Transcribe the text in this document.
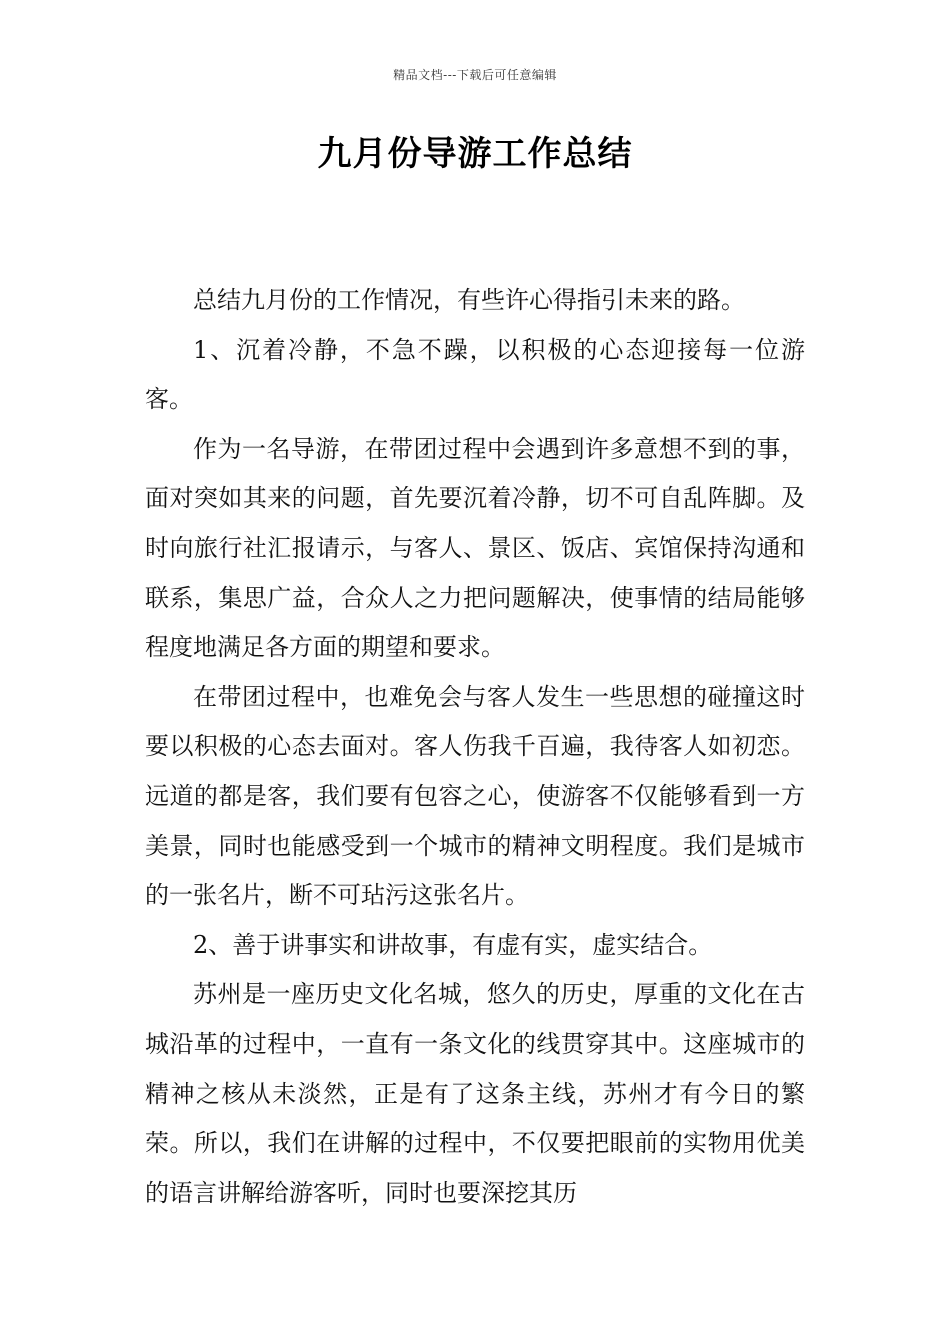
精品文档---下载后可任意编辑
九月份导游工作总结

总结九月份的工作情况，有些许心得指引未来的路。

1、沉着冷静，不急不躁，以积极的心态迎接每一位游客。

作为一名导游，在带团过程中会遇到许多意想不到的事，面对突如其来的问题，首先要沉着冷静，切不可自乱阵脚。及时向旅行社汇报请示，与客人、景区、饭店、宾馆保持沟通和联系，集思广益，合众人之力把问题解决，使事情的结局能够程度地满足各方面的期望和要求。

在带团过程中，也难免会与客人发生一些思想的碰撞这时要以积极的心态去面对。客人伤我千百遍，我待客人如初恋。远道的都是客，我们要有包容之心，使游客不仅能够看到一方美景，同时也能感受到一个城市的精神文明程度。我们是城市的一张名片，断不可玷污这张名片。

2、善于讲事实和讲故事，有虚有实，虚实结合。

苏州是一座历史文化名城，悠久的历史，厚重的文化在古城沿革的过程中，一直有一条文化的线贯穿其中。这座城市的精神之核从未淡然，正是有了这条主线，苏州才有今日的繁荣。所以，我们在讲解的过程中，不仅要把眼前的实物用优美的语言讲解给游客听，同时也要深挖其历
